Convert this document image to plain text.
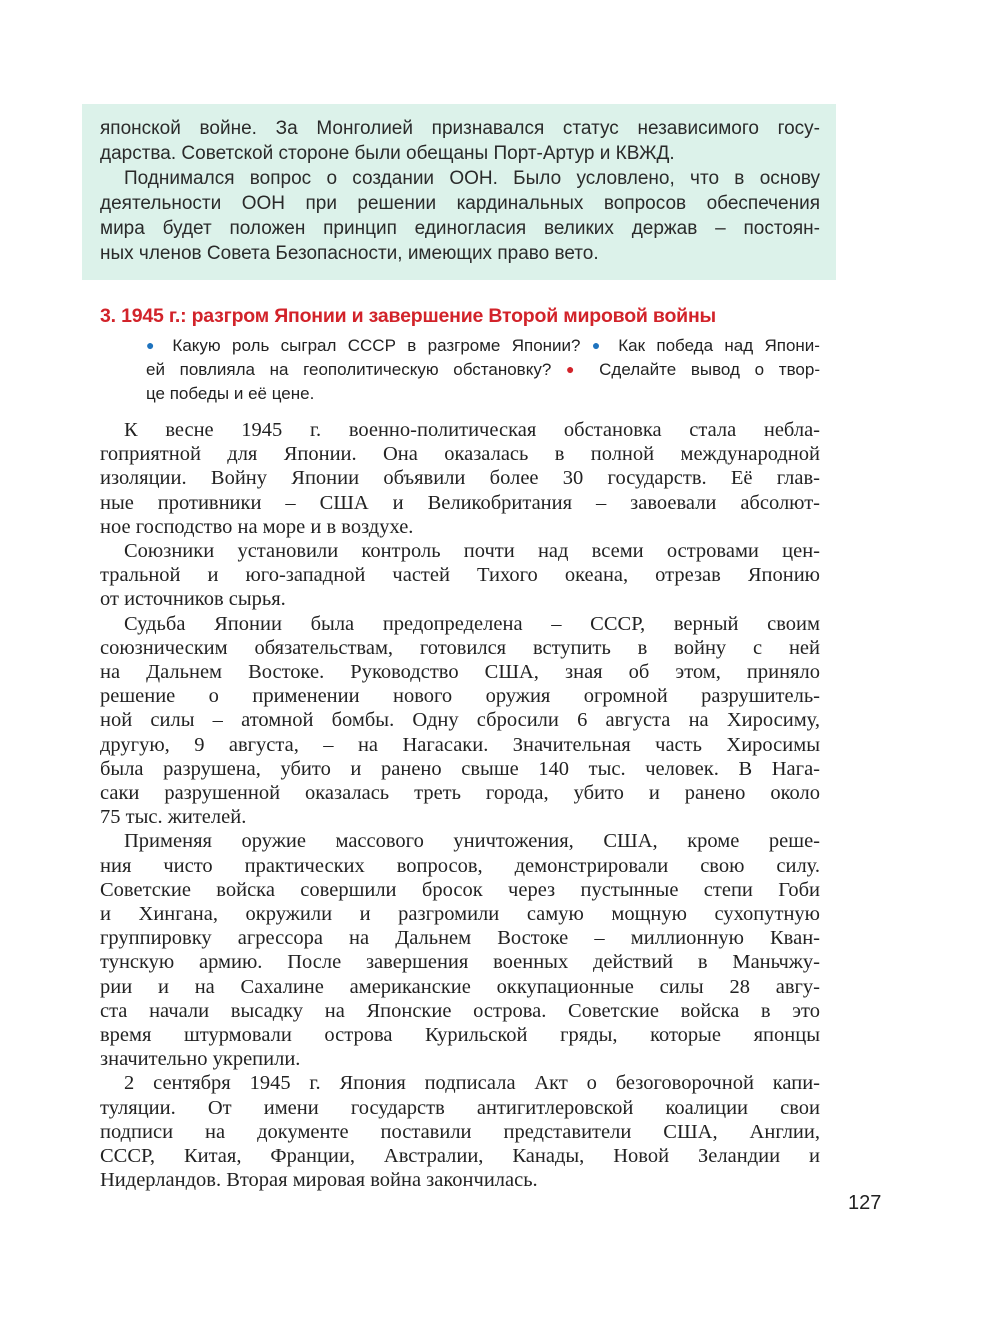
японской войне. За Монголией признавался статус независимого госу-
дарства. Советской стороне были обещаны Порт-Артур и КВЖД.
Поднимался вопрос о создании ООН. Было условлено, что в основу
деятельности ООН при решении кардинальных вопросов обеспечения
мира будет положен принцип единогласия великих держав – постоян-
ных членов Совета Безопасности, имеющих право вето.
3. 1945 г.: разгром Японии и завершение Второй мировой войны
● Какую роль сыграл СССР в разгроме Японии? ● Как победа над Япони-
ей повлияла на геополитическую обстановку? ● Сделайте вывод о твор-
це победы и её цене.
К весне 1945 г. военно-политическая обстановка стала небла-
гоприятной для Японии. Она оказалась в полной международной
изоляции. Войну Японии объявили более 30 государств. Её глав-
ные противники – США и Великобритания – завоевали абсолют-
ное господство на море и в воздухе.
Союзники установили контроль почти над всеми островами цен-
тральной и юго-западной частей Тихого океана, отрезав Японию
от источников сырья.
Судьба Японии была предопределена – СССР, верный своим
союзническим обязательствам, готовился вступить в войну с ней
на Дальнем Востоке. Руководство США, зная об этом, приняло
решение о применении нового оружия огромной разрушитель-
ной силы – атомной бомбы. Одну сбросили 6 августа на Хиросиму,
другую, 9 августа, – на Нагасаки. Значительная часть Хиросимы
была разрушена, убито и ранено свыше 140 тыс. человек. В Нага-
саки разрушенной оказалась треть города, убито и ранено около
75 тыс. жителей.
Применяя оружие массового уничтожения, США, кроме реше-
ния чисто практических вопросов, демонстрировали свою силу.
Советские войска совершили бросок через пустынные степи Гоби
и Хингана, окружили и разгромили самую мощную сухопутную
группировку агрессора на Дальнем Востоке – миллионную Кван-
тунскую армию. После завершения военных действий в Маньчжу-
рии и на Сахалине американские оккупационные силы 28 авгу-
ста начали высадку на Японские острова. Советские войска в это
время штурмовали острова Курильской гряды, которые японцы
значительно укрепили.
2 сентября 1945 г. Япония подписала Акт о безоговорочной капи-
туляции. От имени государств антигитлеровской коалиции свои
подписи на документе поставили представители США, Англии,
СССР, Китая, Франции, Австралии, Канады, Новой Зеландии и
Нидерландов. Вторая мировая война закончилась.
127
